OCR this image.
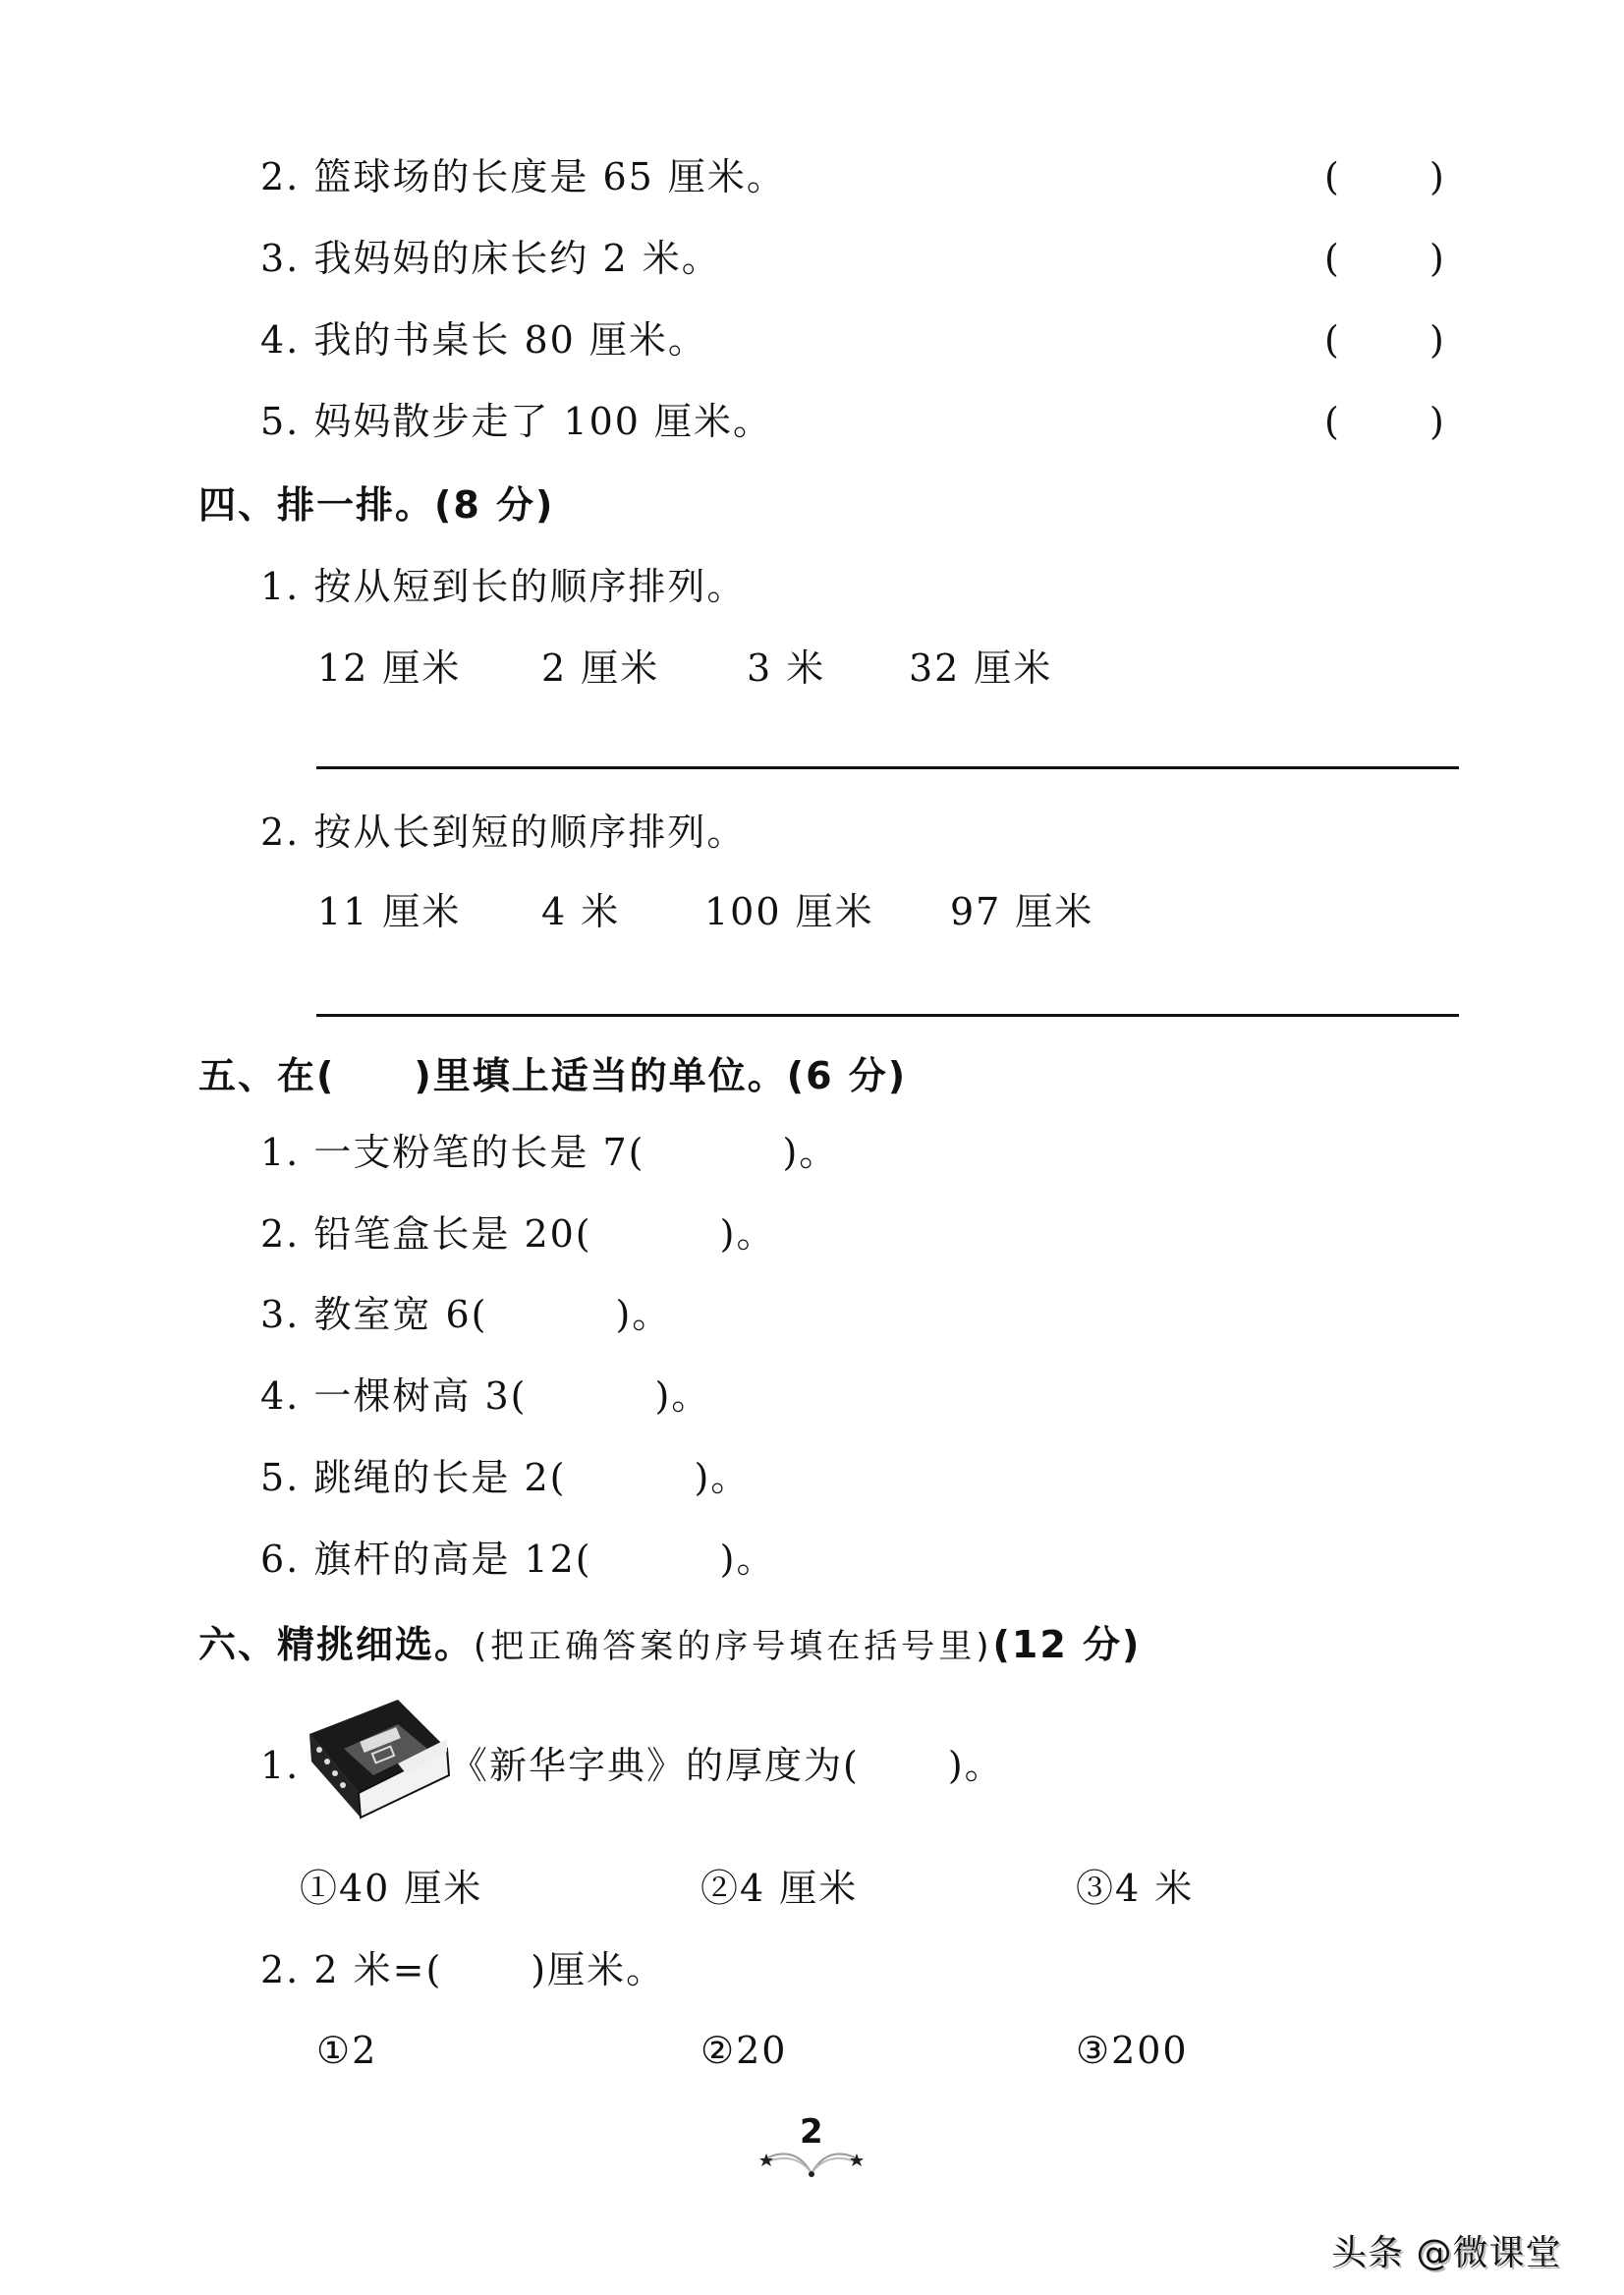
2. 篮球场的长度是 65 厘米。	( )
3. 我妈妈的床长约 2 米。	( )
4. 我的书桌长 80 厘米。	( )
5. 妈妈散步走了 100 厘米。	( )
四、排一排。(8 分)
1. 按从短到长的顺序排列。
12 厘米 2 厘米 3 米 32 厘米
2. 按从长到短的顺序排列。
11 厘米 4 米 100 厘米 97 厘米
五、在( )里填上适当的单位。(6 分)
1. 一支粉笔的长是 7(	)。
2. 铅笔盒长是 20(	)。
3. 教室宽 6(	)。
4. 一棵树高 3(	)。
5. 跳绳的长是 2(	)。
6. 旗杆的高是 12(	)。
六、精挑细选。(把正确答案的序号填在括号里)(12 分)
1.	《新华字典》的厚度为( )。
①40 厘米	②4 厘米	③4 米
2. 2 米=( )厘米。
①2	②20	③200
2
头条 @微课堂
